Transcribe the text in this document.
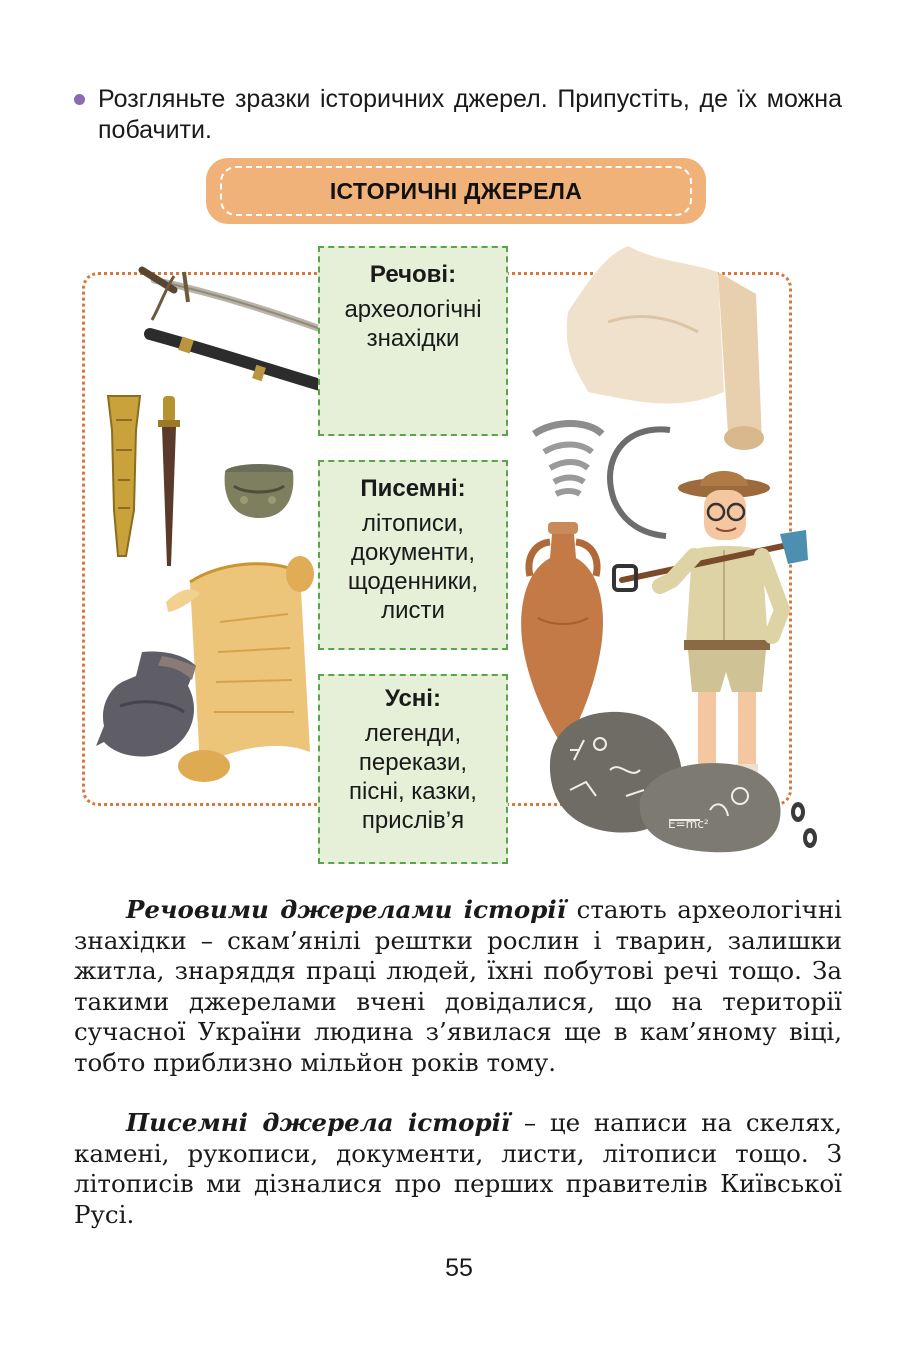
Розгляньте зразки історичних джерел. Припустіть, де їх можна побачити.
ІСТОРИЧНІ ДЖЕРЕЛА
E=mc²
Речові:
археологічні
знахідки
Писемні:
літописи,
документи,
щоденники,
листи
Усні:
легенди,
перекази,
пісні, казки,
прислів’я

Речовими джерелами історії стають археологічні знахідки – скам’янілі рештки рослин і тварин, залишки житла, знаряддя праці людей, їхні побутові речі тощо. За такими джерелами вчені довідалися, що на території сучасної України людина з’явилася ще в кам’яному віці, тобто приблизно мільйон років тому.

Писемні джерела історії – це написи на скелях, камені, рукописи, документи, листи, літописи тощо. З літописів ми дізналися про перших правителів Київської Русі.

55
